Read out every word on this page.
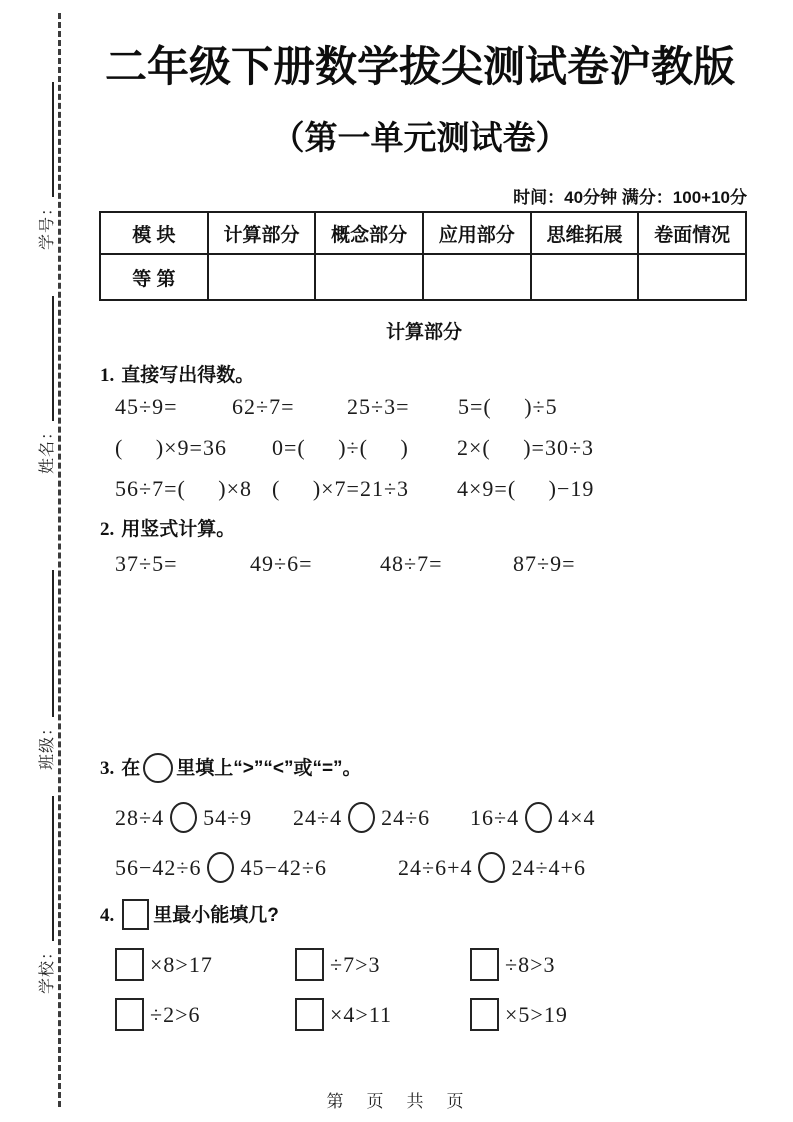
学号：
姓名：
班级：
学校：
二年级下册数学拔尖测试卷沪教版
（第一单元测试卷）
时间：40分钟 满分：100+10分
模 块	计算部分	概念部分	应用部分	思维拓展	卷面情况
等 第					
计算部分
1. 直接写出得数。
45÷9= 62÷7= 25÷3= 5=(     )÷5
(     )×9=36 0=(     )÷(     ) 2×(     )=30÷3
56÷7=(     )×8 (     )×7=21÷3 4×9=(     )−19
2. 用竖式计算。
37÷5=	49÷6=	48÷7=	87÷9=
3. 在 里填上“>”“<”或“=”。
28÷4 54÷9 24÷4 24÷6 16÷4 4×4
56−42÷6 45−42÷6	24÷6+4 24÷4+6
4. 里最小能填几?
×8>17	÷7>3	÷8>3
÷2>6	×4>11	×5>19
第　页　共　页
